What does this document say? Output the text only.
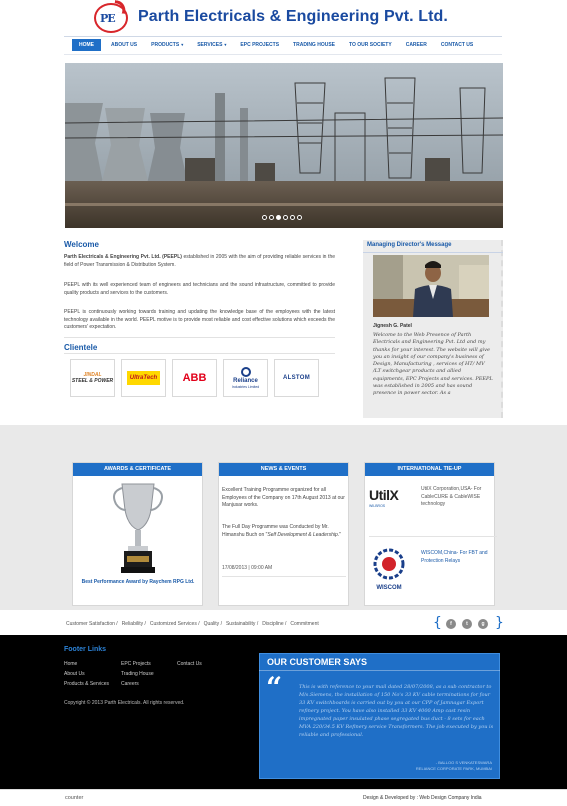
PE Parth Electricals & Engineering Pvt. Ltd.
HOME	ABOUT US	PRODUCTS ▾	SERVICES ▾	EPC PROJECTS	TRADING HOUSE	TO OUR SOCIETY	CAREER	CONTACT US
Welcome
Parth Electricals & Engineering Pvt. Ltd. (PEEPL) established in 2005 with the aim of providing reliable services in the field of Power Transmission & Distribution System.
PEEPL with its well experienced team of engineers and technicians and the sound infrastructure, committed to provide quality products and services to the customers.
PEEPL is continuously working towards training and updating the knowledge base of the employees with the latest technology available in the world. PEEPL motive is to provide most reliable and cost effective solutions which exceeds the customers' expectation.
Clientele
JINDAL
STEEL & POWER	UltraTech ABB	Reliance
Industries Limited
ALSTOM
Managing Director's Message
Jignesh G. Patel
Welcome to the Web Presence of Parth Electricals and Engineering Pvt. Ltd and my thanks for your interest. The website will give you an insight of our company's business of Design, Manufacturing , services of HT/ MV /LT switchgear products and allied equipments, EPC Projects and services. PEEPL was established in 2005 and has sound presence in power sector. As a
AWARDS & CERTIFICATE
Best Performance Award by Raychem RPG Ltd.
NEWS & EVENTS
Excellent Training Programme organized for all Employees of the Company on 17th August 2013 at our Manjusar works.
The Full Day Programme was Conducted by Mr. Himanshu Buch on "Self Development & Leadership."
17/08/2013 | 09:00 AM
INTERNATIONAL TIE-UP
UtilX
WILBROS
UtilX Corporation,USA- For CableCURE & CableWISE technology
WISCOM
WISCOM,China- For FBT and Protection Relays
Customer Satisfaction / Reliability / Customized Services / Quality / Sustainability / Discipline / Commitment	{	f	t	g }
Footer Links
Home
About Us
Products & Services
EPC Projects
Trading House
Careers
Contact Us
Copyright © 2013 Parth Electricals. All rights reserved.
OUR CUSTOMER SAYS
“	This is with reference to your mail dated 28/07/2008, as a sub contractor to M/s.Siemens, the installation of 150 No's 33 KV cable terminations for four 33 KV switchboards is carried out by you at our CPP of Jamnagar Export refinery project. You have also installed 33 KV 4000 Amp cast resin impregnated paper insulated phase segregated bus duct - 8 sets for each MVA 220/34.5 KV Refinery service Transformers. The job executed by you is reliable and professional.
- BALLOO S VENKATESWARA
RELIANCE CORPORATE PARK, MUMBAI
counter	Design & Developed by : Web Design Company India
